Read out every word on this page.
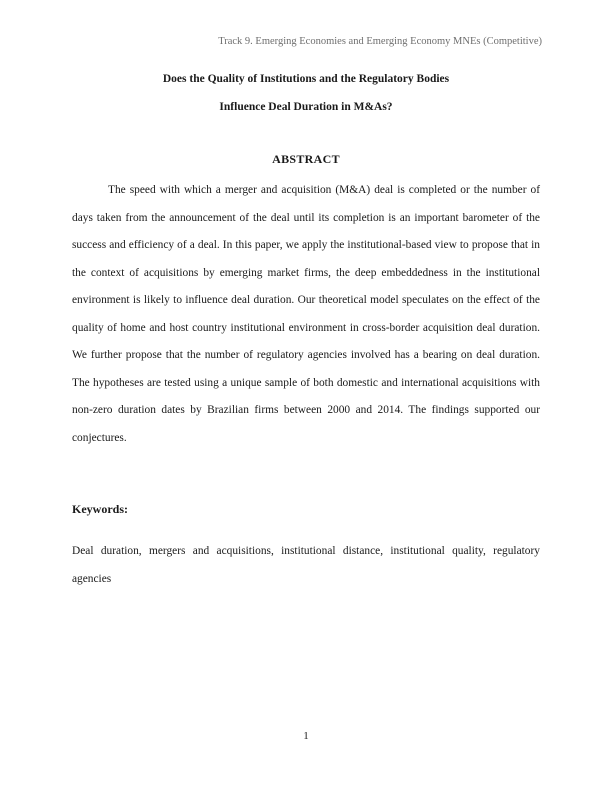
Track 9. Emerging Economies and Emerging Economy MNEs (Competitive)
Does the Quality of Institutions and the Regulatory Bodies
Influence Deal Duration in M&As?
ABSTRACT

The speed with which a merger and acquisition (M&A) deal is completed or the number of days taken from the announcement of the deal until its completion is an important barometer of the success and efficiency of a deal. In this paper, we apply the institutional-based view to propose that in the context of acquisitions by emerging market firms, the deep embeddedness in the institutional environment is likely to influence deal duration. Our theoretical model speculates on the effect of the quality of home and host country institutional environment in cross-border acquisition deal duration. We further propose that the number of regulatory agencies involved has a bearing on deal duration. The hypotheses are tested using a unique sample of both domestic and international acquisitions with non-zero duration dates by Brazilian firms between 2000 and 2014. The findings supported our conjectures.

Keywords:

Deal duration, mergers and acquisitions, institutional distance, institutional quality, regulatory agencies

1
